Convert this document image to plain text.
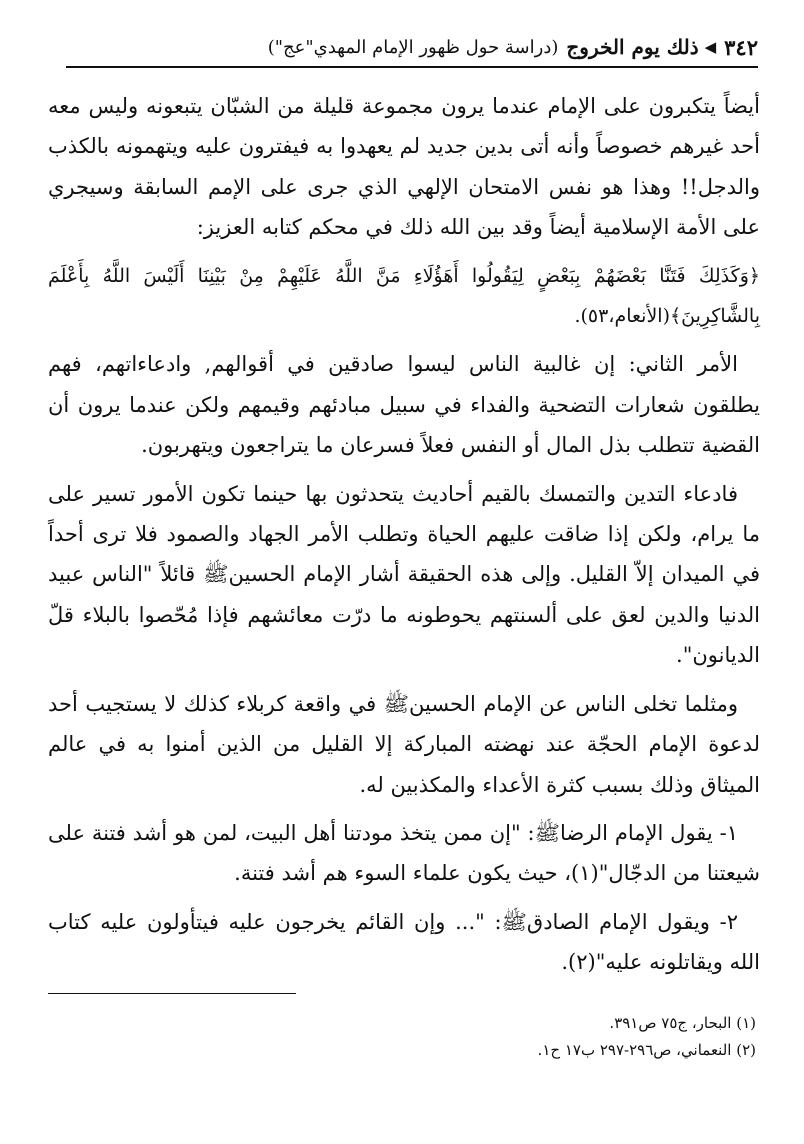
٣٤٢
◀
ذلك يوم الخروج
(دراسة حول ظهور الإمام المهدي"عج")

أيضاً يتكبرون على الإمام عندما يرون مجموعة قليلة من الشبّان يتبعونه وليس معه أحد غيرهم خصوصاً وأنه أتى بدين جديد لم يعهدوا به فيفترون عليه ويتهمونه بالكذب والدجل!! وهذا هو نفس الامتحان الإلهي الذي جرى على الإمم السابقة وسيجري على الأمة الإسلامية أيضاً وقد بين الله ذلك في محكم كتابه العزيز:

﴿وَكَذَلِكَ فَتَنَّا بَعْضَهُمْ بِبَعْضٍ لِيَقُولُوا أَهَؤُلَاءِ مَنَّ اللَّهُ عَلَيْهِمْ مِنْ بَيْنِنَا أَلَيْسَ اللَّهُ بِأَعْلَمَ بِالشَّاكِرِينَ﴾(الأنعام،٥٣).

الأمر الثاني: إن غالبية الناس ليسوا صادقين في أقوالهم, وادعاءاتهم، فهم يطلقون شعارات التضحية والفداء في سبيل مبادئهم وقيمهم ولكن عندما يرون أن القضية تتطلب بذل المال أو النفس فعلاً فسرعان ما يتراجعون ويتهربون.

فادعاء التدين والتمسك بالقيم أحاديث يتحدثون بها حينما تكون الأمور تسير على ما يرام، ولكن إذا ضاقت عليهم الحياة وتطلب الأمر الجهاد والصمود فلا ترى أحداً في الميدان إلاّ القليل. وإلى هذه الحقيقة أشار الإمام الحسينﷺ قائلاً "الناس عبيد الدنيا والدين لعق على ألسنتهم يحوطونه ما درّت معائشهم فإذا مُحّصوا بالبلاء قلّ الديانون".

ومثلما تخلى الناس عن الإمام الحسينﷺ في واقعة كربلاء كذلك لا يستجيب أحد لدعوة الإمام الحجّة عند نهضته المباركة إلا القليل من الذين أمنوا به في عالم الميثاق وذلك بسبب كثرة الأعداء والمكذبين له.

١- يقول الإمام الرضاﷺ: "إن ممن يتخذ مودتنا أهل البيت، لمن هو أشد فتنة على شيعتنا من الدجّال"(١)، حيث يكون علماء السوء هم أشد فتنة.

٢- ويقول الإمام الصادقﷺ: "... وإن القائم يخرجون عليه فيتأولون عليه كتاب الله ويقاتلونه عليه"(٢).

(١) البحار، ج٧٥ ص٣٩١.
(٢) النعماني، ص٢٩٦-٢٩٧ ب١٧ ح١.
